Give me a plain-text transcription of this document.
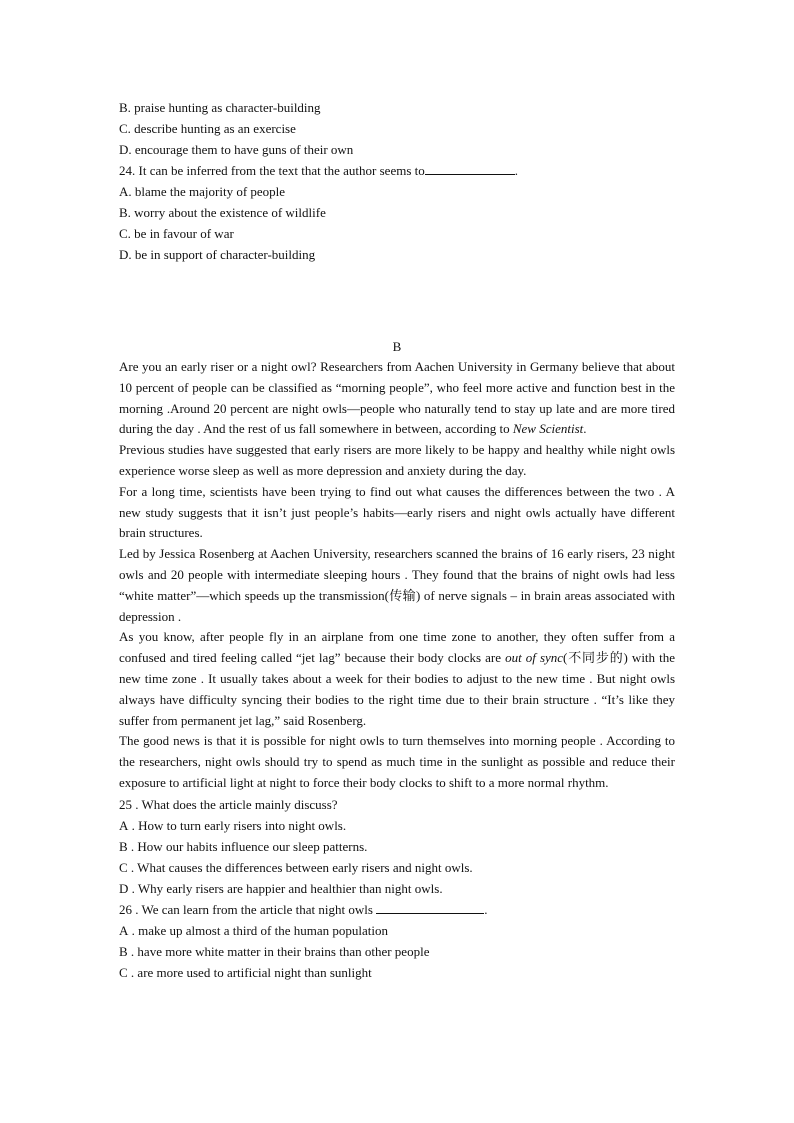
B. praise hunting as character-building
C. describe hunting as an exercise
D. encourage them to have guns of their own
24. It can be inferred from the text that the author seems to	.
A. blame the majority of people
B. worry about the existence of wildlife
C. be in favour of war
D. be in support of character-building
B

Are you an early riser or a night owl? Researchers from Aachen University in Germany believe that about 10 percent of people can be classified as “morning people”, who feel more active and function best in the morning .Around 20 percent are night owls—people who naturally tend to stay up late and are more tired during the day . And the rest of us fall somewhere in between, according to New Scientist.

Previous studies have suggested that early risers are more likely to be happy and healthy while night owls experience worse sleep as well as more depression and anxiety during the day.

For a long time, scientists have been trying to find out what causes the differences between the two . A new study suggests that it isn’t just people’s habits—early risers and night owls actually have different brain structures.

Led by Jessica Rosenberg at Aachen University, researchers scanned the brains of 16 early risers, 23 night owls and 20 people with intermediate sleeping hours . They found that the brains of night owls had less “white matter”—which speeds up the transmission(传输) of nerve signals – in brain areas associated with depression .

As you know, after people fly in an airplane from one time zone to another, they often suffer from a confused and tired feeling called “jet lag” because their body clocks are out of sync(不同步的) with the new time zone . It usually takes about a week for their bodies to adjust to the new time . But night owls always have difficulty syncing their bodies to the right time due to their brain structure . “It’s like they suffer from permanent jet lag,” said Rosenberg.

The good news is that it is possible for night owls to turn themselves into morning people . According to the researchers, night owls should try to spend as much time in the sunlight as possible and reduce their exposure to artificial light at night to force their body clocks to shift to a more normal rhythm.

25 . What does the article mainly discuss?
A . How to turn early risers into night owls.
B . How our habits influence our sleep patterns.
C . What causes the differences between early risers and night owls.
D . Why early risers are happier and healthier than night owls.
26 . We can learn from the article that night owls	.
A . make up almost a third of the human population
B . have more white matter in their brains than other people
C . are more used to artificial night than sunlight
